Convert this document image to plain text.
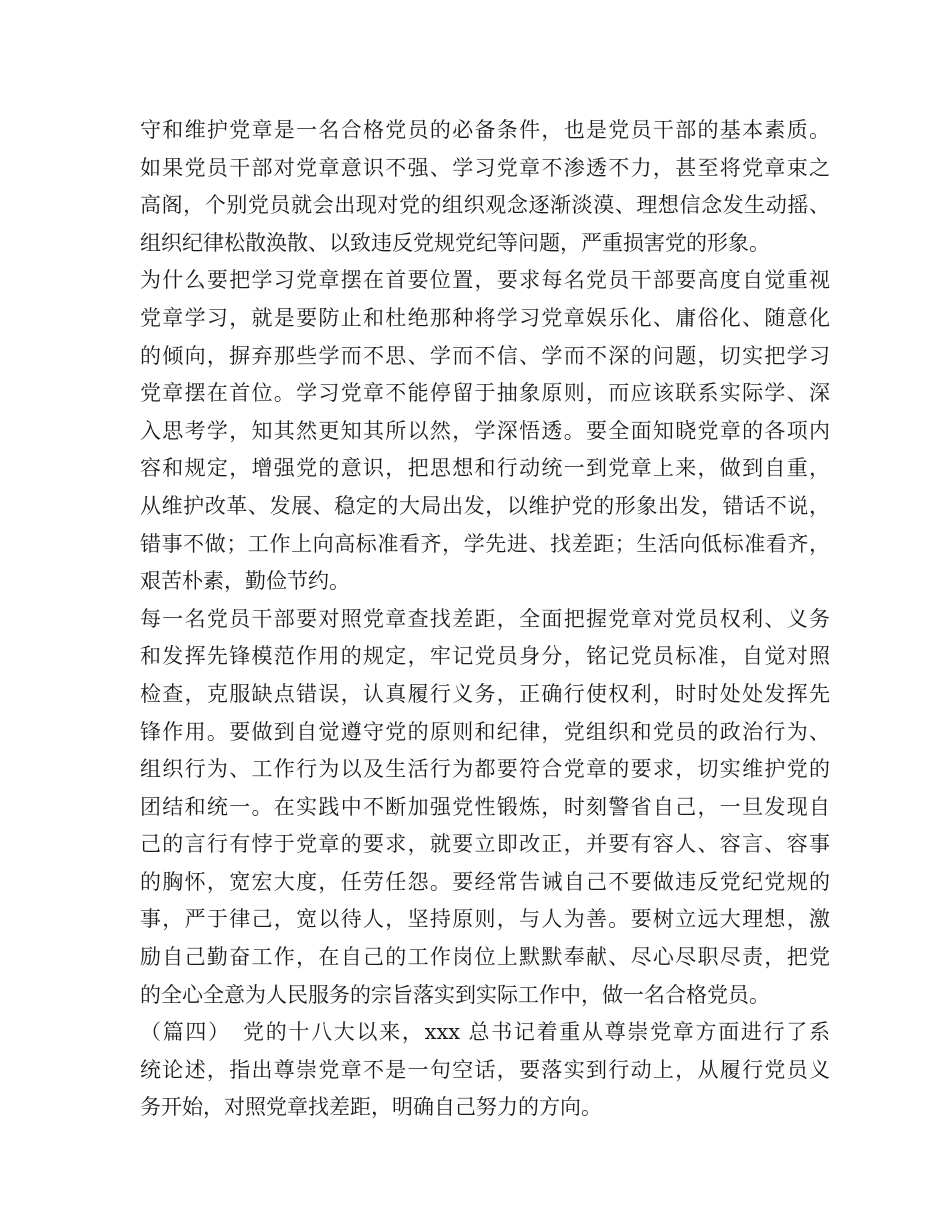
守和维护党章是一名合格党员的必备条件，也是党员干部的基本素质。
如果党员干部对党章意识不强、学习党章不渗透不力，甚至将党章束之
高阁，个别党员就会出现对党的组织观念逐渐淡漠、理想信念发生动摇、
组织纪律松散涣散、以致违反党规党纪等问题，严重损害党的形象。
为什么要把学习党章摆在首要位置，要求每名党员干部要高度自觉重视
党章学习，就是要防止和杜绝那种将学习党章娱乐化、庸俗化、随意化
的倾向，摒弃那些学而不思、学而不信、学而不深的问题，切实把学习
党章摆在首位。学习党章不能停留于抽象原则，而应该联系实际学、深
入思考学，知其然更知其所以然，学深悟透。要全面知晓党章的各项内
容和规定，增强党的意识，把思想和行动统一到党章上来，做到自重，
从维护改革、发展、稳定的大局出发，以维护党的形象出发，错话不说，
错事不做；工作上向高标准看齐，学先进、找差距；生活向低标准看齐，
艰苦朴素，勤俭节约。
每一名党员干部要对照党章查找差距，全面把握党章对党员权利、义务
和发挥先锋模范作用的规定，牢记党员身分，铭记党员标准，自觉对照
检查，克服缺点错误，认真履行义务，正确行使权利，时时处处发挥先
锋作用。要做到自觉遵守党的原则和纪律，党组织和党员的政治行为、
组织行为、工作行为以及生活行为都要符合党章的要求，切实维护党的
团结和统一。在实践中不断加强党性锻炼，时刻警省自己，一旦发现自
己的言行有悖于党章的要求，就要立即改正，并要有容人、容言、容事
的胸怀，宽宏大度，任劳任怨。要经常告诫自己不要做违反党纪党规的
事，严于律己，宽以待人，坚持原则，与人为善。要树立远大理想，激
励自己勤奋工作，在自己的工作岗位上默默奉献、尽心尽职尽责，把党
的全心全意为人民服务的宗旨落实到实际工作中，做一名合格党员。
（篇四）　党的十八大以来，xxx 总书记着重从尊崇党章方面进行了系
统论述，指出尊崇党章不是一句空话，要落实到行动上，从履行党员义
务开始，对照党章找差距，明确自己努力的方向。
